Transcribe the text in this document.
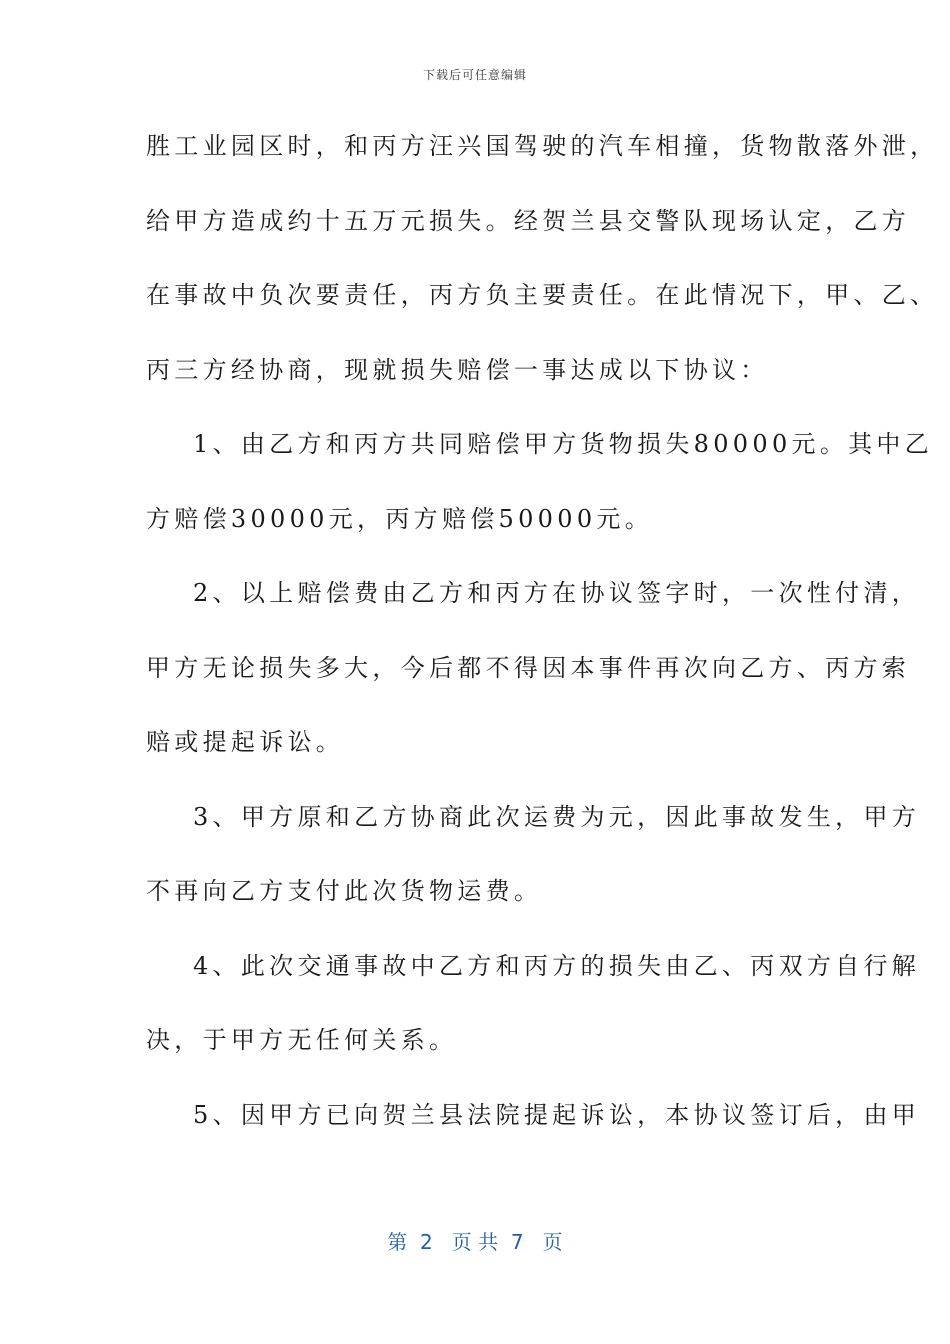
下载后可任意编辑
胜工业园区时，和丙方汪兴国驾驶的汽车相撞，货物散落外泄，
给甲方造成约十五万元损失。经贺兰县交警队现场认定，乙方
在事故中负次要责任，丙方负主要责任。在此情况下，甲、乙、
丙三方经协商，现就损失赔偿一事达成以下协议：
1、由乙方和丙方共同赔偿甲方货物损失80000元。其中乙
方赔偿30000元，丙方赔偿50000元。
2、以上赔偿费由乙方和丙方在协议签字时，一次性付清，
甲方无论损失多大，今后都不得因本事件再次向乙方、丙方索
赔或提起诉讼。
3、甲方原和乙方协商此次运费为元，因此事故发生，甲方
不再向乙方支付此次货物运费。
4、此次交通事故中乙方和丙方的损失由乙、丙双方自行解
决，于甲方无任何关系。
5、因甲方已向贺兰县法院提起诉讼，本协议签订后，由甲
第  2   页 共  7   页
